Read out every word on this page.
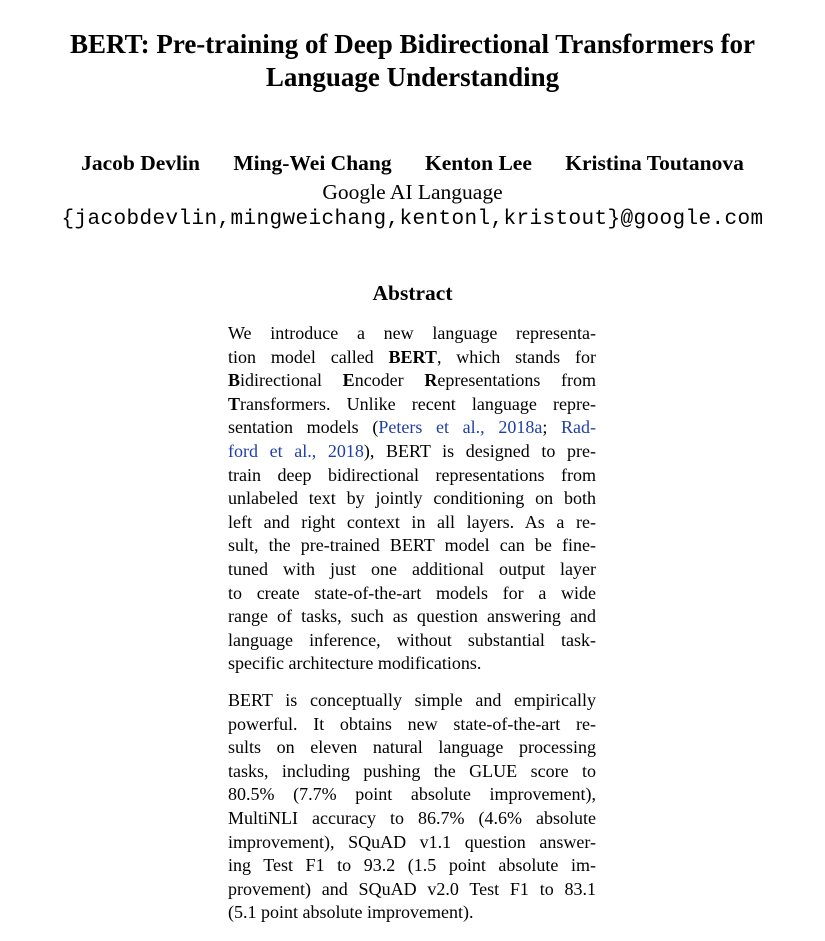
BERT: Pre-training of Deep Bidirectional Transformers for
Language Understanding
Jacob Devlin Ming-Wei Chang Kenton Lee Kristina Toutanova
Google AI Language
{jacobdevlin,mingweichang,kentonl,kristout}@google.com
Abstract
We introduce a new language representa-
tion model called BERT, which stands for
Bidirectional Encoder Representations from
Transformers. Unlike recent language repre-
sentation models (Peters et al., 2018a; Rad-
ford et al., 2018), BERT is designed to pre-
train deep bidirectional representations from
unlabeled text by jointly conditioning on both
left and right context in all layers. As a re-
sult, the pre-trained BERT model can be fine-
tuned with just one additional output layer
to create state-of-the-art models for a wide
range of tasks, such as question answering and
language inference, without substantial task-
specific architecture modifications.
BERT is conceptually simple and empirically
powerful. It obtains new state-of-the-art re-
sults on eleven natural language processing
tasks, including pushing the GLUE score to
80.5% (7.7% point absolute improvement),
MultiNLI accuracy to 86.7% (4.6% absolute
improvement), SQuAD v1.1 question answer-
ing Test F1 to 93.2 (1.5 point absolute im-
provement) and SQuAD v2.0 Test F1 to 83.1
(5.1 point absolute improvement).
